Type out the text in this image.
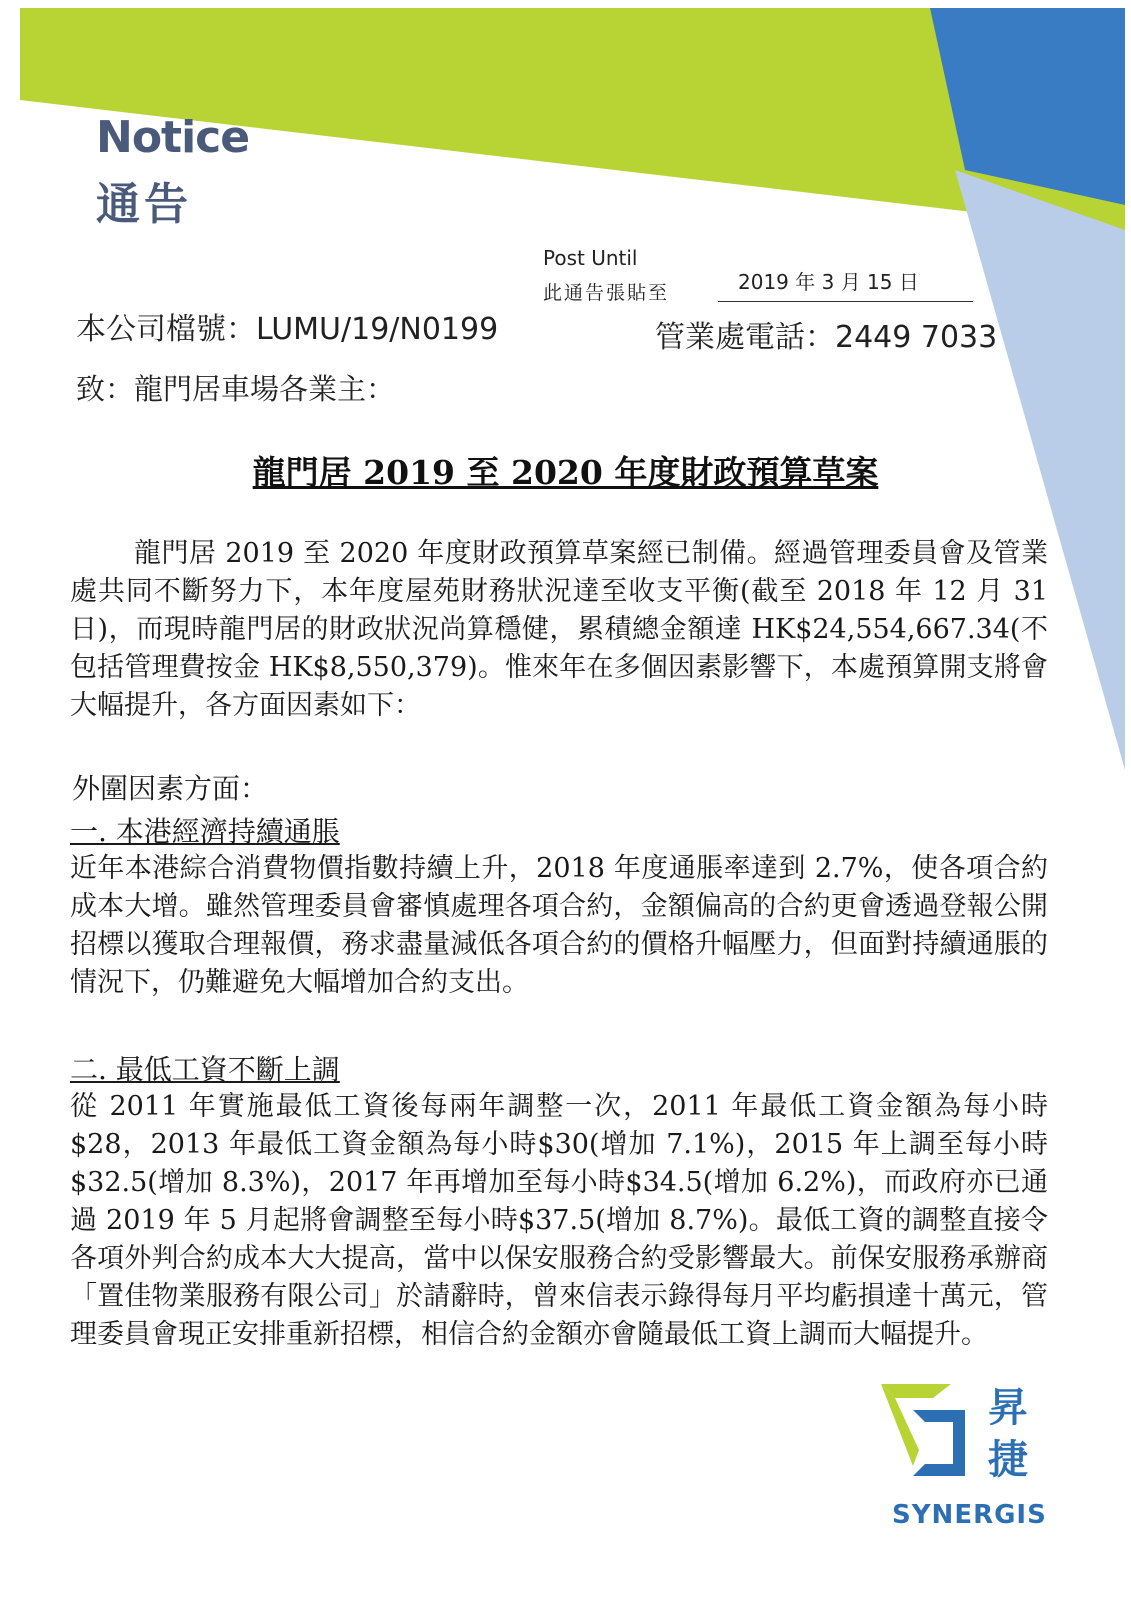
Notice
通告
Post Until
此通告張貼至	2019 年 3 月 15 日
本公司檔號：LUMU/19/N0199	管業處電話：2449 7033
致：龍門居車場各業主：
龍門居 2019 至 2020 年度財政預算草案
龍門居 2019 至 2020 年度財政預算草案經已制備。經過管理委員會及管業處共同不斷努力下，本年度屋苑財務狀況達至收支平衡(截至 2018 年 12 月 31 日)，而現時龍門居的財政狀況尚算穩健，累積總金額達 HK$24,554,667.34(不包括管理費按金 HK$8,550,379)。惟來年在多個因素影響下，本處預算開支將會大幅提升，各方面因素如下：
外圍因素方面：
一. 本港經濟持續通脹
近年本港綜合消費物價指數持續上升，2018 年度通脹率達到 2.7%，使各項合約成本大增。雖然管理委員會審慎處理各項合約，金額偏高的合約更會透過登報公開招標以獲取合理報價，務求盡量減低各項合約的價格升幅壓力，但面對持續通脹的情況下，仍難避免大幅增加合約支出。
二. 最低工資不斷上調
從 2011 年實施最低工資後每兩年調整一次，2011 年最低工資金額為每小時$28，2013 年最低工資金額為每小時$30(增加 7.1%)，2015 年上調至每小時$32.5(增加 8.3%)，2017 年再增加至每小時$34.5(增加 6.2%)，而政府亦已通過 2019 年 5 月起將會調整至每小時$37.5(增加 8.7%)。最低工資的調整直接令各項外判合約成本大大提高，當中以保安服務合約受影響最大。前保安服務承辦商「置佳物業服務有限公司」於請辭時，曾來信表示錄得每月平均虧損達十萬元，管理委員會現正安排重新招標，相信合約金額亦會隨最低工資上調而大幅提升。
昇
捷
SYNERGIS
